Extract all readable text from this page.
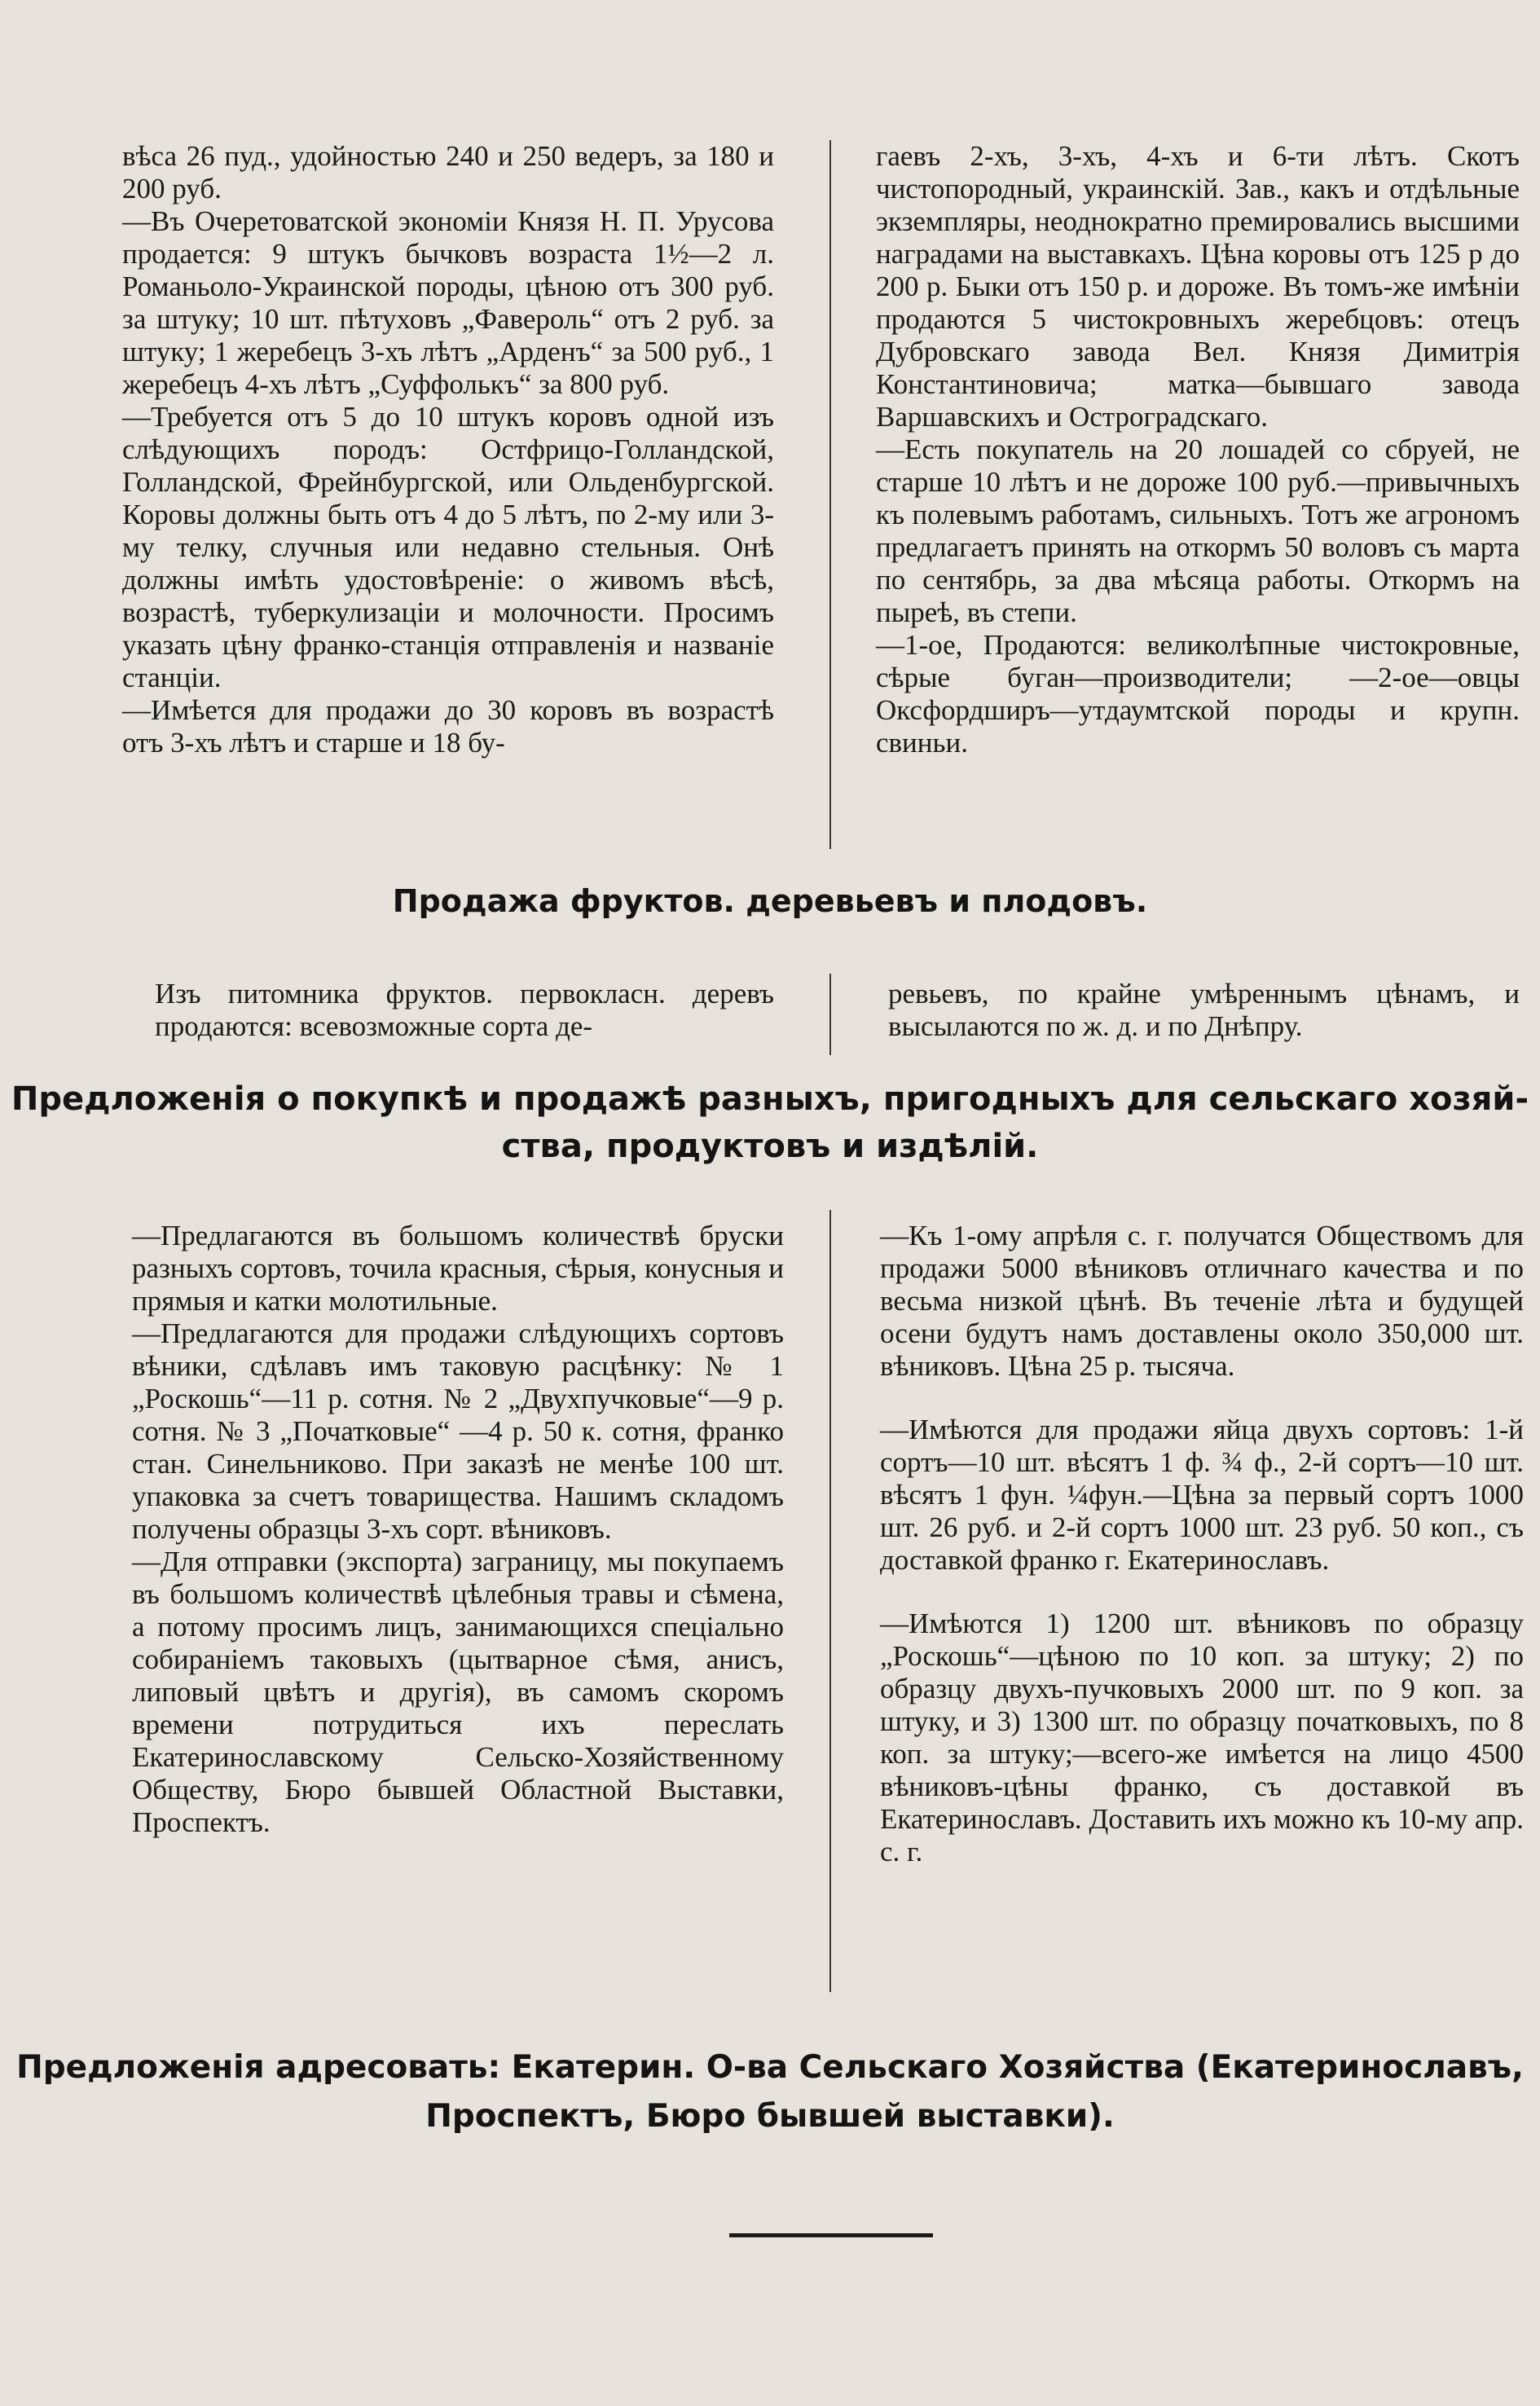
вѣса 26 пуд., удойностью 240 и 250 ведеръ, за 180 и 200 руб.

—Въ Очеретоватской экономіи Князя Н. П. Урусова продается: 9 штукъ бычковъ возраста 1½—2 л. Романьоло-Украинской породы, цѣною отъ 300 руб. за штуку; 10 шт. пѣтуховъ „Фавероль“ отъ 2 руб. за штуку; 1 жеребецъ 3-хъ лѣтъ „Арденъ“ за 500 руб., 1 жеребецъ 4-хъ лѣтъ „Суффолькъ“ за 800 руб.

—Требуется отъ 5 до 10 штукъ коровъ одной изъ слѣдующихъ породъ: Остфрицо-Голландской, Голландской, Фрейнбургской, или Ольденбургской. Коровы должны быть отъ 4 до 5 лѣтъ, по 2-му или 3-му телку, случныя или недавно стельныя. Онѣ должны имѣть удостовѣреніе: о живомъ вѣсѣ, возрастѣ, туберкулизаціи и молочности. Просимъ указать цѣну франко-станція отправленія и названіе станціи.

—Имѣется для продажи до 30 коровъ въ возрастѣ отъ 3-хъ лѣтъ и старше и 18 бу-

гаевъ 2-хъ, 3-хъ, 4-хъ и 6-ти лѣтъ. Скотъ чистопородный, украинскій. Зав., какъ и отдѣльные экземпляры, неоднократно премировались высшими наградами на выставкахъ. Цѣна коровы отъ 125 р до 200 р. Быки отъ 150 р. и дороже. Въ томъ-же имѣніи продаются 5 чистокровныхъ жеребцовъ: отецъ Дубровскаго завода Вел. Князя Димитрія Константиновича; матка—бывшаго завода Варшавскихъ и Остроградскаго.

—Есть покупатель на 20 лошадей со сбруей, не старше 10 лѣтъ и не дороже 100 руб.—привычныхъ къ полевымъ работамъ, сильныхъ. Тотъ же агрономъ предлагаетъ принять на откормъ 50 воловъ съ марта по сентябрь, за два мѣсяца работы. Откормъ на пыреѣ, въ степи.

—1-ое, Продаются: великолѣпные чистокровные, сѣрые буган—производители; —2-ое—овцы Оксфордширъ—утдаумтской породы и крупн. свиньи.

Продажа фруктов. деревьевъ и плодовъ.

Изъ питомника фруктов. первокласн. деревъ продаются: всевозможные сорта де-

ревьевъ, по крайне умѣреннымъ цѣнамъ, и высылаются по ж. д. и по Днѣпру.

Предложенія о покупкѣ и продажѣ разныхъ, пригодныхъ для сельскаго хозяй-

ства, продуктовъ и издѣлій.

—Предлагаются въ большомъ количествѣ бруски разныхъ сортовъ, точила красныя, сѣрыя, конусныя и прямыя и катки молотильные.

—Предлагаются для продажи слѣдующихъ сортовъ вѣники, сдѣлавъ имъ таковую расцѣнку: № 1 „Роскошь“—11 р. сотня. № 2 „Двухпучковые“—9 р. сотня. № 3 „Початковые“ —4 р. 50 к. сотня, франко стан. Синельниково. При заказѣ не менѣе 100 шт. упаковка за счетъ товарищества. Нашимъ складомъ получены образцы 3-хъ сорт. вѣниковъ.

—Для отправки (экспорта) заграницу, мы покупаемъ въ большомъ количествѣ цѣлебныя травы и сѣмена, а потому просимъ лицъ, занимающихся спеціально собираніемъ таковыхъ (цытварное сѣмя, анисъ, липовый цвѣтъ и другія), въ самомъ скоромъ времени потрудиться ихъ переслать Екатеринославскому Сельско-Хозяйственному Обществу, Бюро бывшей Областной Выставки, Проспектъ.

—Къ 1-ому апрѣля с. г. получатся Обществомъ для продажи 5000 вѣниковъ отличнаго качества и по весьма низкой цѣнѣ. Въ теченіе лѣта и будущей осени будутъ намъ доставлены около 350,000 шт. вѣниковъ. Цѣна 25 р. тысяча.

—Имѣются для продажи яйца двухъ сортовъ: 1-й сортъ—10 шт. вѣсятъ 1 ф. ¾ ф., 2-й сортъ—10 шт. вѣсятъ 1 фун. ¼фун.—Цѣна за первый сортъ 1000 шт. 26 руб. и 2-й сортъ 1000 шт. 23 руб. 50 коп., съ доставкой франко г. Екатеринославъ.

—Имѣются 1) 1200 шт. вѣниковъ по образцу „Роскошь“—цѣною по 10 коп. за штуку; 2) по образцу двухъ-пучковыхъ 2000 шт. по 9 коп. за штуку, и 3) 1300 шт. по образцу початковыхъ, по 8 коп. за штуку;—всего-же имѣется на лицо 4500 вѣниковъ-цѣны франко, съ доставкой въ Екатеринославъ. Доставить ихъ можно къ 10-му апр. с. г.

Предложенія адресовать: Екатерин. О-ва Сельскаго Хозяйства (Екатеринославъ,

Проспектъ, Бюро бывшей выставки).
